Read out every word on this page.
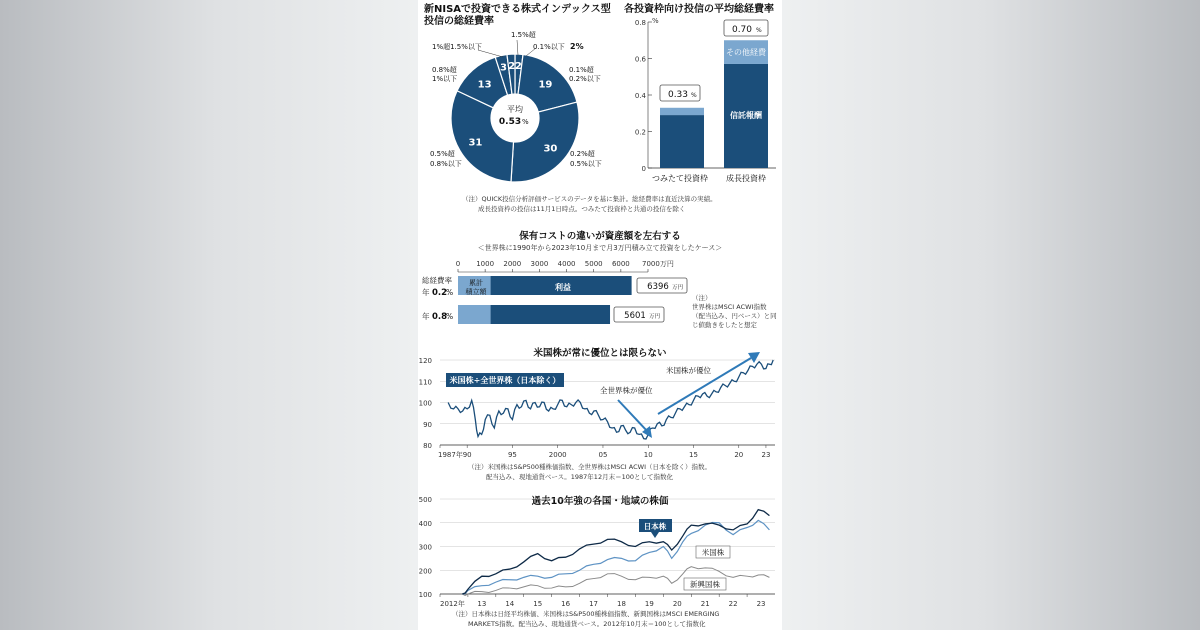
新NISAで投資できる株式インデックス型
投信の総経費率
2
19
30
31
13
3 2
平均
0.53 %
1.5%超
1%超1.5%以下	0.1%以下 2%
0.1%超
0.2%以下
0.8%超
1%以下
0.5%超
0.8%以下
0.2%超
0.5%以下
各投資枠向け投信の平均総経費率
%
0
0.2
0.4
0.6
0.8
0.33 %
0.70 %
その他経費
信託報酬
つみたて投資枠 成長投資枠
（注）QUICK投信分析評価サービスのデータを基に集計。総経費率は直近決算の実績。
成長投資枠の投信は11月1日時点。つみたて投資枠と共通の投信を除く
保有コストの違いが資産額を左右する
＜世界株に1990年から2023年10月まで月3万円積み立て投資をしたケース＞
0 1000 2000 3000 4000 5000 6000 7000万円
総経費率
年 0.2
%
年 0.8
%
累計
積立額	利益	6396 万円
5601 万円
（注）
世界株はMSCI ACWI指数
（配当込み、円ベース）と同
じ値動きをしたと想定
米国株が常に優位とは限らない
80
90
100
110
120
1987年 90	95	2000	05	10	15	20	23
米国株÷全世界株（日本除く）
全世界株が優位
米国株が優位
（注）米国株はS&P500種株価指数、全世界株はMSCI ACWI（日本を除く）指数。
配当込み、現地通貨ベース。1987年12月末＝100として指数化
過去10年強の各国・地域の株価
100
200
300
400
500
2012年 13	14	15	16	17	18	19	20	21	22	23
日本株
米国株
新興国株
（注）日本株は日経平均株価、米国株はS&P500種株価指数、新興国株はMSCI EMERGING
MARKETS指数。配当込み、現地通貨ベース。2012年10月末＝100として指数化
